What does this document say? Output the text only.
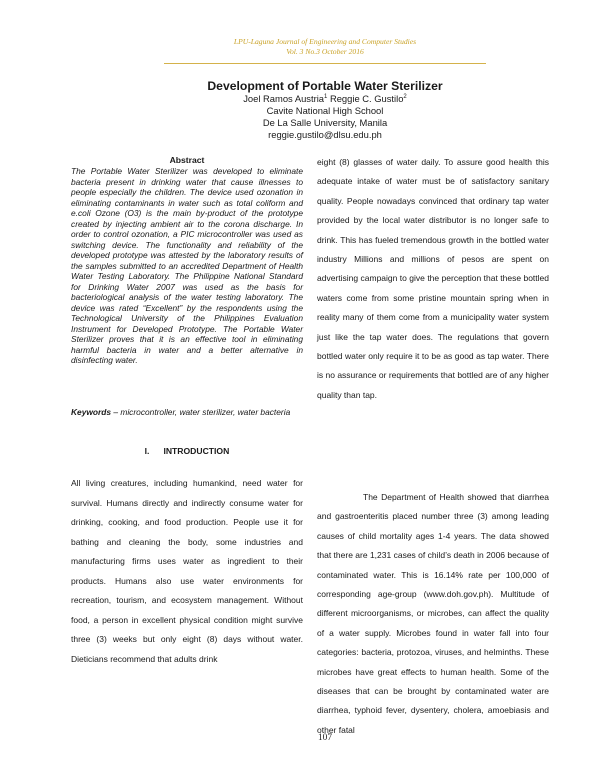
LPU-Laguna Journal of Engineering and Computer Studies
Vol. 3 No.3 October 2016
Development of Portable Water Sterilizer
Joel Ramos Austria$^1$ Reggie C. Gustilo$^2$
Cavite National High School
De La Salle University, Manila
reggie.gustilo@dlsu.edu.ph
Abstract
The Portable Water Sterilizer was developed to eliminate bacteria present in drinking water that cause illnesses to people especially the children. The device used ozonation in eliminating contaminants in water such as total coliform and e.coli Ozone (O3) is the main by-product of the prototype created by injecting ambient air to the corona discharge. In order to control ozonation, a PIC microcontroller was used as switching device. The functionality and reliability of the developed prototype was attested by the laboratory results of the samples submitted to an accredited Department of Health Water Testing Laboratory. The Philippine National Standard for Drinking Water 2007 was used as the basis for bacteriological analysis of the water testing laboratory. The device was rated “Excellent” by the respondents using the Technological University of the Philippines Evaluation Instrument for Developed Prototype. The Portable Water Sterilizer proves that it is an effective tool in eliminating harmful bacteria in water and a better alternative in disinfecting water.
Keywords – microcontroller, water sterilizer, water bacteria
I. INTRODUCTION
All living creatures, including humankind, need water for survival. Humans directly and indirectly consume water for drinking, cooking, and food production. People use it for bathing and cleaning the body, some industries and manufacturing firms uses water as ingredient to their products. Humans also use water environments for recreation, tourism, and ecosystem management. Without food, a person in excellent physical condition might survive three (3) weeks but only eight (8) days without water. Dieticians recommend that adults drink
eight (8) glasses of water daily. To assure good health this adequate intake of water must be of satisfactory sanitary quality. People nowadays convinced that ordinary tap water provided by the local water distributor is no longer safe to drink. This has fueled tremendous growth in the bottled water industry Millions and millions of pesos are spent on advertising campaign to give the perception that these bottled waters come from some pristine mountain spring when in reality many of them come from a municipality water system just like the tap water does. The regulations that govern bottled water only require it to be as good as tap water. There is no assurance or requirements that bottled are of any higher quality than tap.
The Department of Health showed that diarrhea and gastroenteritis placed number three (3) among leading causes of child mortality ages 1-4 years. The data showed that there are 1,231 cases of child’s death in 2006 because of contaminated water. This is 16.14% rate per 100,000 of corresponding age-group (www.doh.gov.ph). Multitude of different microorganisms, or microbes, can affect the quality of a water supply. Microbes found in water fall into four categories: bacteria, protozoa, viruses, and helminths. These microbes have great effects to human health. Some of the diseases that can be brought by contaminated water are diarrhea, typhoid fever, dysentery, cholera, amoebiasis and other fatal
107
